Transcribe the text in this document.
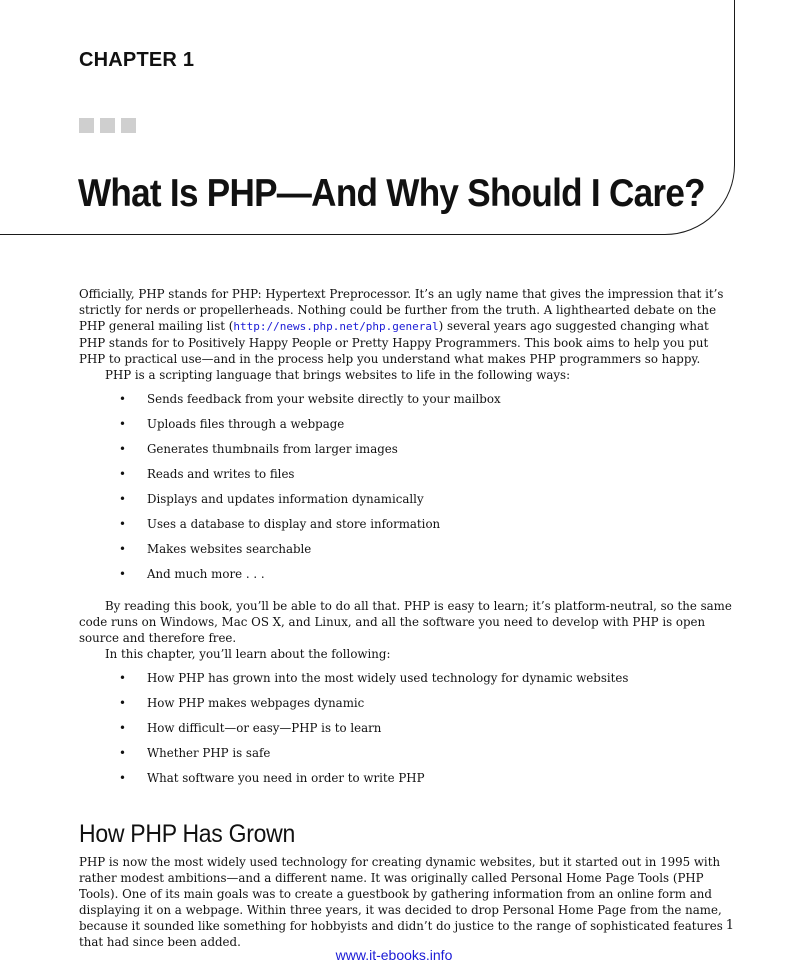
CHAPTER 1
What Is PHP—And Why Should I Care?

Officially, PHP stands for PHP: Hypertext Preprocessor. It’s an ugly name that gives the impression that it’s strictly for nerds or propellerheads. Nothing could be further from the truth. A lighthearted debate on the PHP general mailing list (http://news.php.net/php.general) several years ago suggested changing what PHP stands for to Positively Happy People or Pretty Happy Programmers. This book aims to help you put PHP to practical use—and in the process help you understand what makes PHP programmers so happy.

PHP is a scripting language that brings websites to life in the following ways:

• Sends feedback from your website directly to your mailbox
• Uploads files through a webpage
• Generates thumbnails from larger images
• Reads and writes to files
• Displays and updates information dynamically
• Uses a database to display and store information
• Makes websites searchable
• And much more . . .

By reading this book, you’ll be able to do all that. PHP is easy to learn; it’s platform-neutral, so the same code runs on Windows, Mac OS X, and Linux, and all the software you need to develop with PHP is open source and therefore free.

In this chapter, you’ll learn about the following:

• How PHP has grown into the most widely used technology for dynamic websites
• How PHP makes webpages dynamic
• How difficult—or easy—PHP is to learn
• Whether PHP is safe
• What software you need in order to write PHP
How PHP Has Grown

PHP is now the most widely used technology for creating dynamic websites, but it started out in 1995 with rather modest ambitions—and a different name. It was originally called Personal Home Page Tools (PHP Tools). One of its main goals was to create a guestbook by gathering information from an online form and displaying it on a webpage. Within three years, it was decided to drop Personal Home Page from the name, because it sounded like something for hobbyists and didn’t do justice to the range of sophisticated features that had since been added.

1
www.it-ebooks.info
